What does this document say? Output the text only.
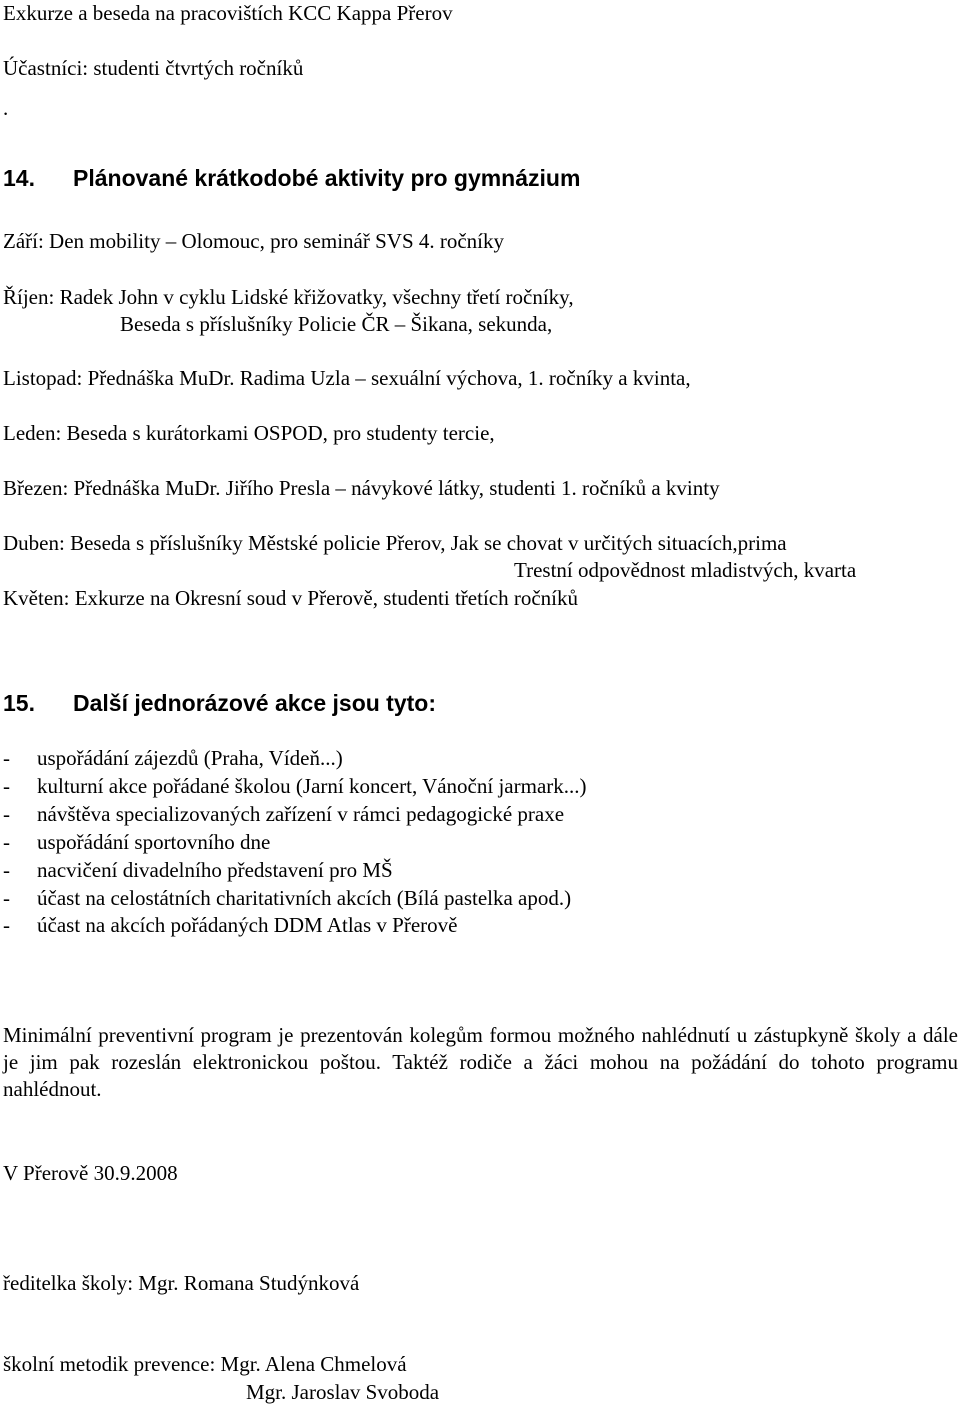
Exkurze a beseda na pracovištích KCC Kappa Přerov
Účastníci: studenti čtvrtých ročníků
.
14. Plánované krátkodobé aktivity pro gymnázium
Září: Den mobility – Olomouc, pro seminář SVS 4. ročníky
Říjen: Radek John v cyklu Lidské křižovatky, všechny třetí ročníky,
Beseda s příslušníky Policie ČR – Šikana, sekunda,
Listopad: Přednáška MuDr. Radima Uzla – sexuální výchova, 1. ročníky a kvinta,
Leden: Beseda s kurátorkami OSPOD, pro studenty tercie,
Březen: Přednáška MuDr. Jiřího Presla – návykové látky, studenti 1. ročníků a kvinty
Duben: Beseda s příslušníky Městské policie Přerov, Jak se chovat v určitých situacích,prima
Trestní odpovědnost mladistvých, kvarta
Květen: Exkurze na Okresní soud v Přerově, studenti třetích ročníků
15. Další jednorázové akce jsou tyto:
- uspořádání zájezdů (Praha, Vídeň...)
- kulturní akce pořádané školou (Jarní koncert, Vánoční jarmark...)
- návštěva specializovaných zařízení v rámci pedagogické praxe
- uspořádání sportovního dne
- nacvičení divadelního představení pro MŠ
- účast na celostátních charitativních akcích (Bílá pastelka apod.)
- účast na akcích pořádaných DDM Atlas v Přerově
Minimální preventivní program je prezentován kolegům formou možného nahlédnutí u zástupkyně školy a dále je jim pak rozeslán elektronickou poštou. Taktéž rodiče a žáci mohou na požádání do tohoto programu nahlédnout.
V Přerově 30.9.2008
ředitelka školy: Mgr. Romana Studýnková
školní metodik prevence: Mgr. Alena Chmelová
Mgr. Jaroslav Svoboda
